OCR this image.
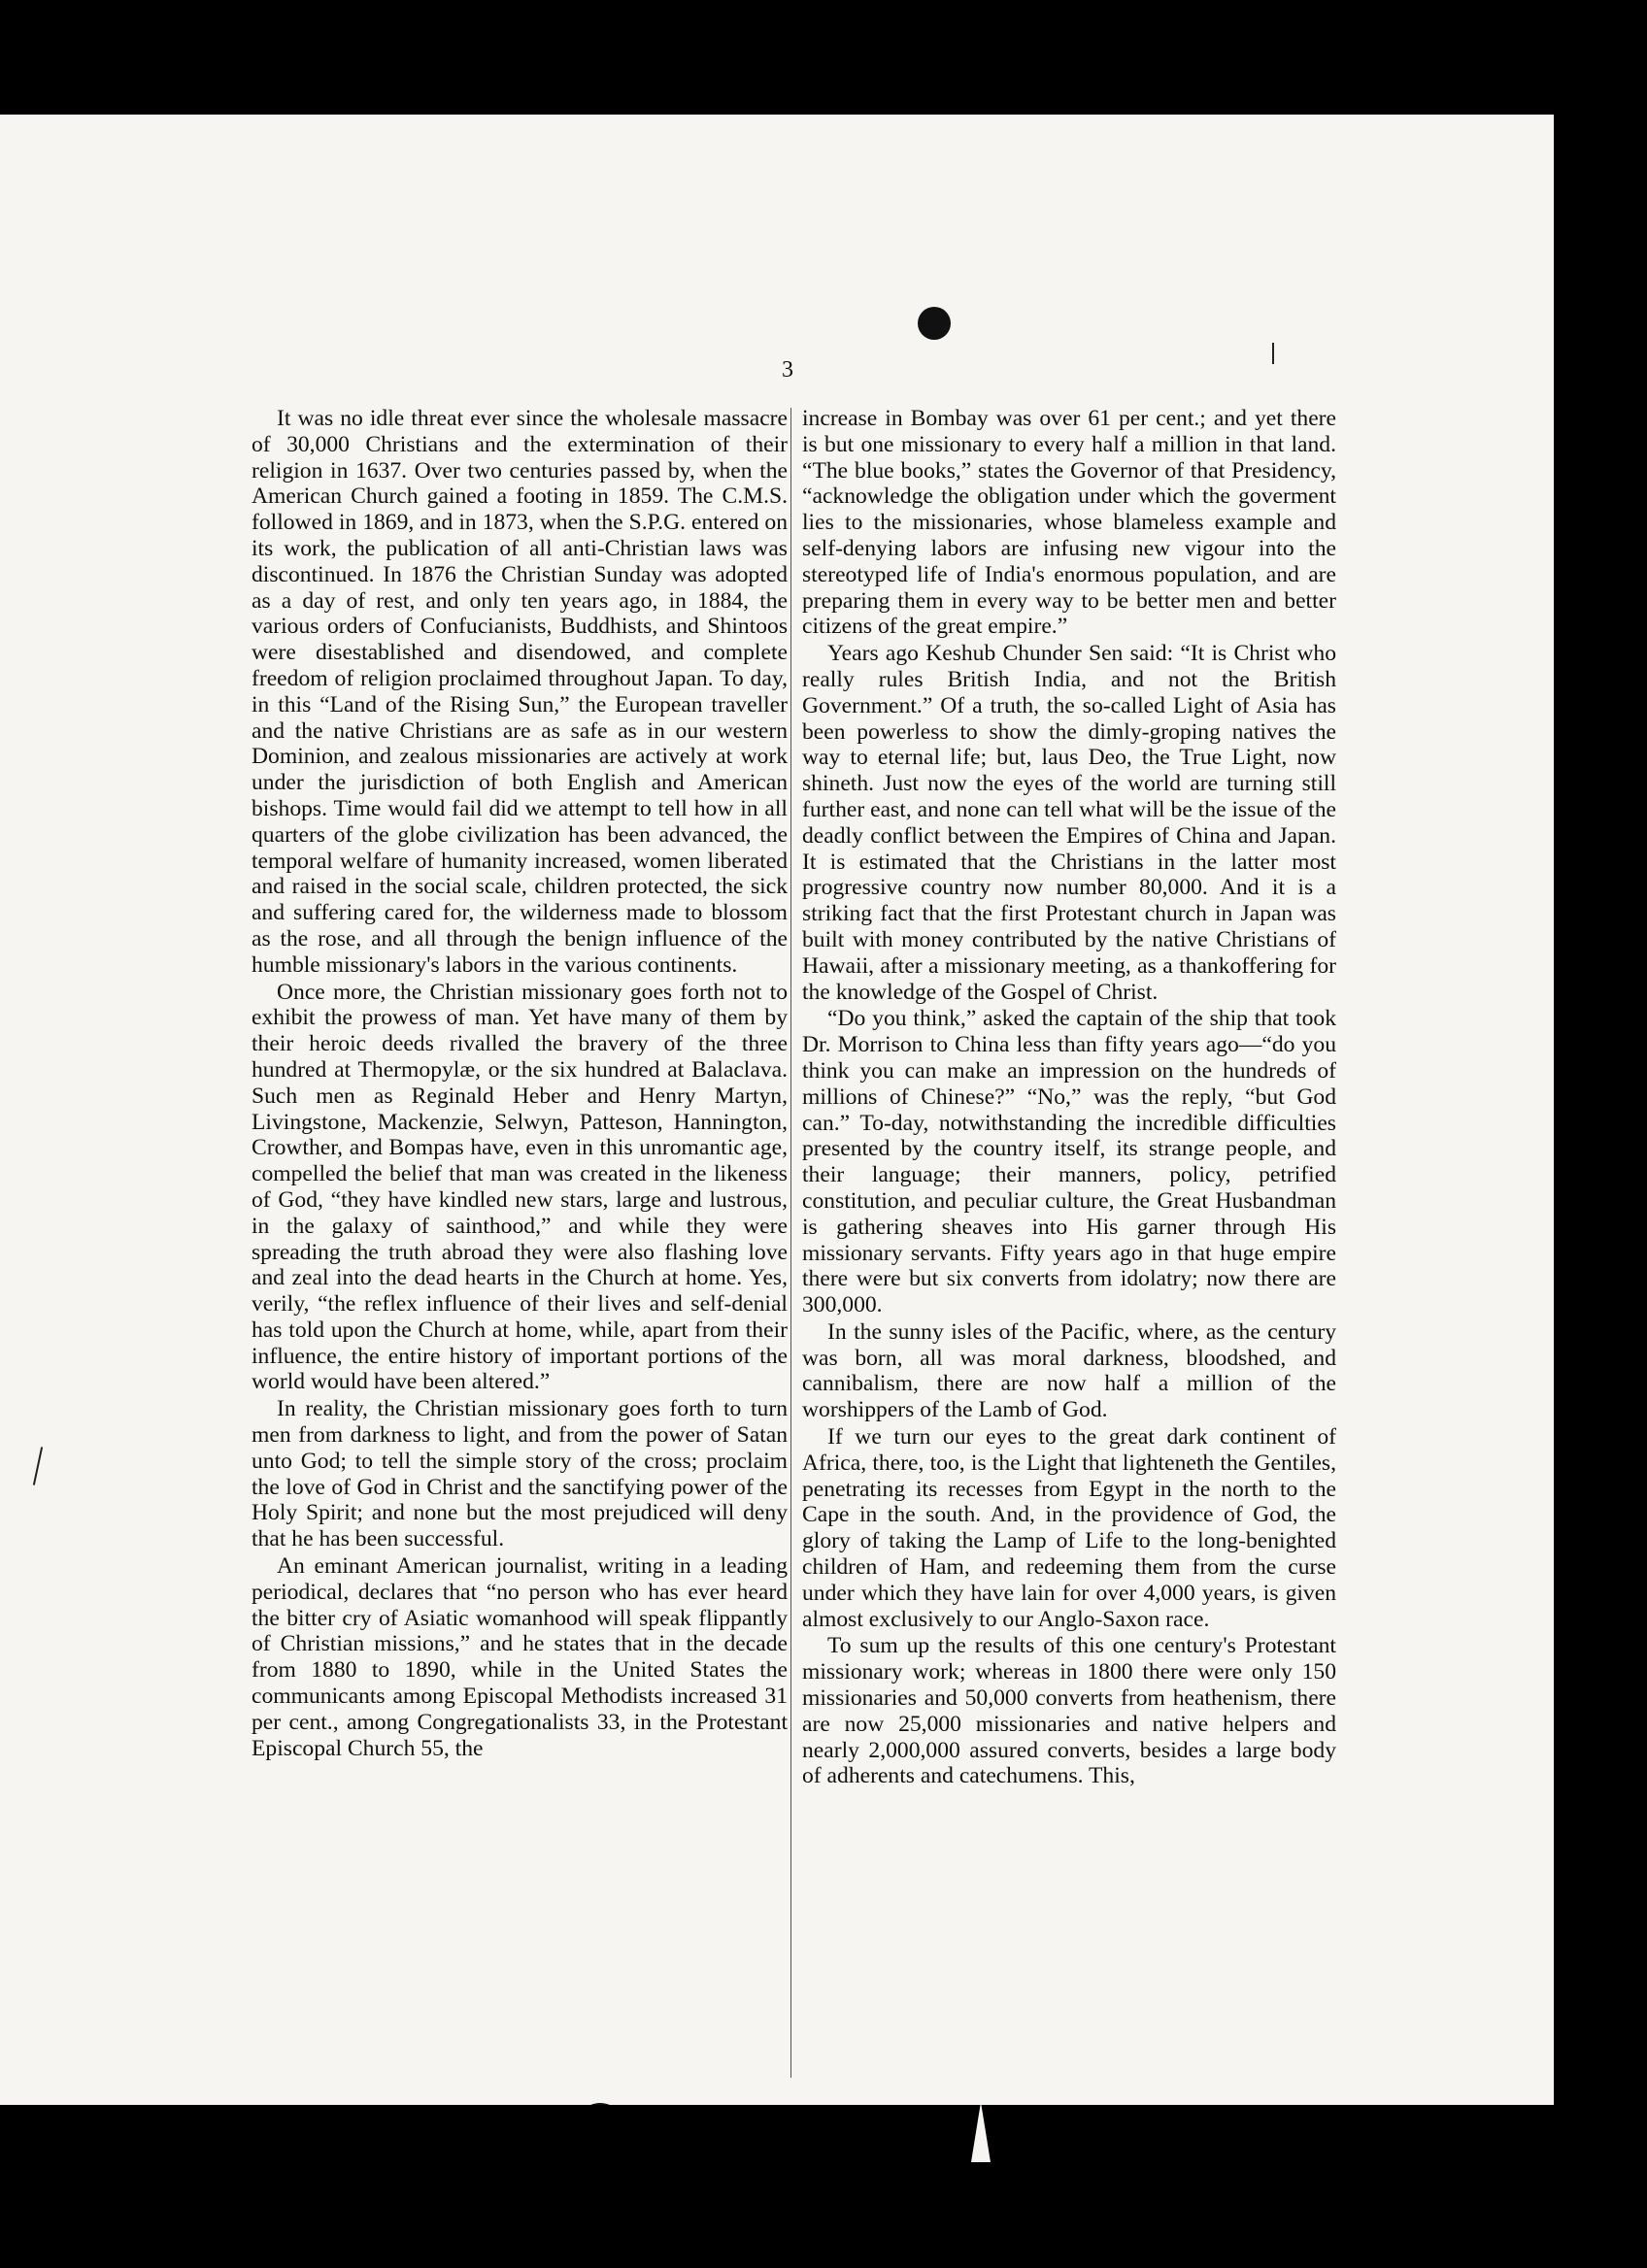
3

It was no idle threat ever since the wholesale massacre of 30,000 Christians and the extermination of their religion in 1637. Over two centuries passed by, when the American Church gained a footing in 1859. The C.M.S. followed in 1869, and in 1873, when the S.P.G. entered on its work, the publication of all anti-Christian laws was discontinued. In 1876 the Christian Sunday was adopted as a day of rest, and only ten years ago, in 1884, the various orders of Confucianists, Buddhists, and Shintoos were disestablished and disendowed, and complete freedom of religion proclaimed throughout Japan. To day, in this “Land of the Rising Sun,” the European traveller and the native Christians are as safe as in our western Dominion, and zealous missionaries are actively at work under the jurisdiction of both English and American bishops. Time would fail did we attempt to tell how in all quarters of the globe civilization has been advanced, the temporal welfare of humanity increased, women liberated and raised in the social scale, children protected, the sick and suffering cared for, the wilderness made to blossom as the rose, and all through the benign influence of the humble missionary's labors in the various continents.

Once more, the Christian missionary goes forth not to exhibit the prowess of man. Yet have many of them by their heroic deeds rivalled the bravery of the three hundred at Thermopylæ, or the six hundred at Balaclava. Such men as Reginald Heber and Henry Martyn, Livingstone, Mackenzie, Selwyn, Patteson, Hannington, Crowther, and Bompas have, even in this unromantic age, compelled the belief that man was created in the likeness of God, “they have kindled new stars, large and lustrous, in the galaxy of sainthood,” and while they were spreading the truth abroad they were also flashing love and zeal into the dead hearts in the Church at home. Yes, verily, “the reflex influence of their lives and self-denial has told upon the Church at home, while, apart from their influence, the entire history of important portions of the world would have been altered.”

In reality, the Christian missionary goes forth to turn men from darkness to light, and from the power of Satan unto God; to tell the simple story of the cross; proclaim the love of God in Christ and the sanctifying power of the Holy Spirit; and none but the most prejudiced will deny that he has been successful.

An eminant American journalist, writing in a leading periodical, declares that “no person who has ever heard the bitter cry of Asiatic womanhood will speak flippantly of Christian missions,” and he states that in the decade from 1880 to 1890, while in the United States the communicants among Episcopal Methodists increased 31 per cent., among Congregationalists 33, in the Protestant Episcopal Church 55, the

increase in Bombay was over 61 per cent.; and yet there is but one missionary to every half a million in that land. “The blue books,” states the Governor of that Presidency, “acknowledge the obligation under which the goverment lies to the missionaries, whose blameless example and self-denying labors are infusing new vigour into the stereotyped life of India's enormous population, and are preparing them in every way to be better men and better citizens of the great empire.”

Years ago Keshub Chunder Sen said: “It is Christ who really rules British India, and not the British Government.” Of a truth, the so-called Light of Asia has been powerless to show the dimly-groping natives the way to eternal life; but, laus Deo, the True Light, now shineth. Just now the eyes of the world are turning still further east, and none can tell what will be the issue of the deadly conflict between the Empires of China and Japan. It is estimated that the Christians in the latter most progressive country now number 80,000. And it is a striking fact that the first Protestant church in Japan was built with money contributed by the native Christians of Hawaii, after a missionary meeting, as a thankoffering for the knowledge of the Gospel of Christ.

“Do you think,” asked the captain of the ship that took Dr. Morrison to China less than fifty years ago—“do you think you can make an impression on the hundreds of millions of Chinese?” “No,” was the reply, “but God can.” To-day, notwithstanding the incredible difficulties presented by the country itself, its strange people, and their language; their manners, policy, petrified constitution, and peculiar culture, the Great Husbandman is gathering sheaves into His garner through His missionary servants. Fifty years ago in that huge empire there were but six converts from idolatry; now there are 300,000.

In the sunny isles of the Pacific, where, as the century was born, all was moral darkness, bloodshed, and cannibalism, there are now half a million of the worshippers of the Lamb of God.

If we turn our eyes to the great dark continent of Africa, there, too, is the Light that lighteneth the Gentiles, penetrating its recesses from Egypt in the north to the Cape in the south. And, in the providence of God, the glory of taking the Lamp of Life to the long-benighted children of Ham, and redeeming them from the curse under which they have lain for over 4,000 years, is given almost exclusively to our Anglo-Saxon race.

To sum up the results of this one century's Protestant missionary work; whereas in 1800 there were only 150 missionaries and 50,000 converts from heathenism, there are now 25,000 missionaries and native helpers and nearly 2,000,000 assured converts, besides a large body of adherents and catechumens. This,
